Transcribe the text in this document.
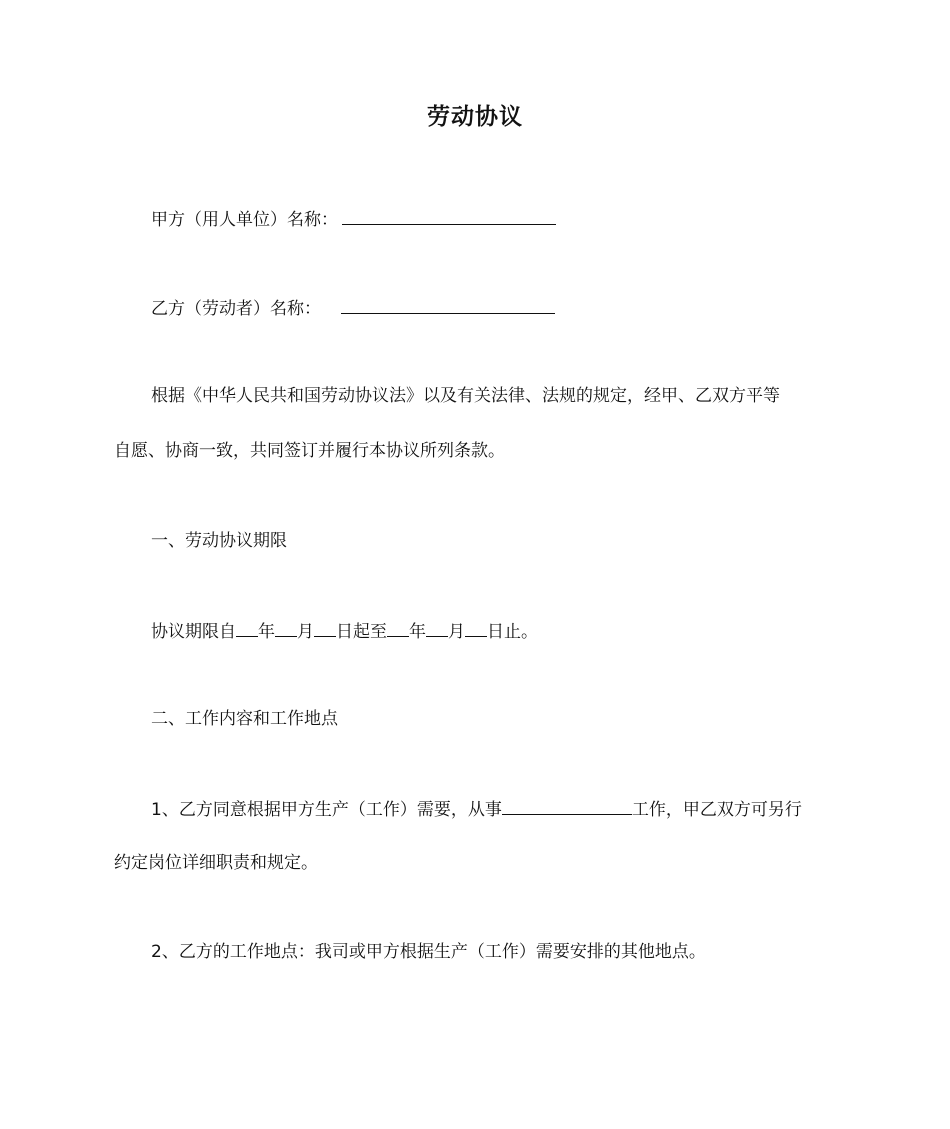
劳动协议
甲方（用人单位）名称：
乙方（劳动者）名称：
根据《中华人民共和国劳动协议法》以及有关法律、法规的规定，经甲、乙双方平等
自愿、协商一致，共同签订并履行本协议所列条款。
一、劳动协议期限
协议期限自 年 月 日起至 年 月 日止。
二、工作内容和工作地点
1、乙方同意根据甲方生产（工作）需要，从事	工作，甲乙双方可另行
约定岗位详细职责和规定。
2、乙方的工作地点：我司或甲方根据生产（工作）需要安排的其他地点。
